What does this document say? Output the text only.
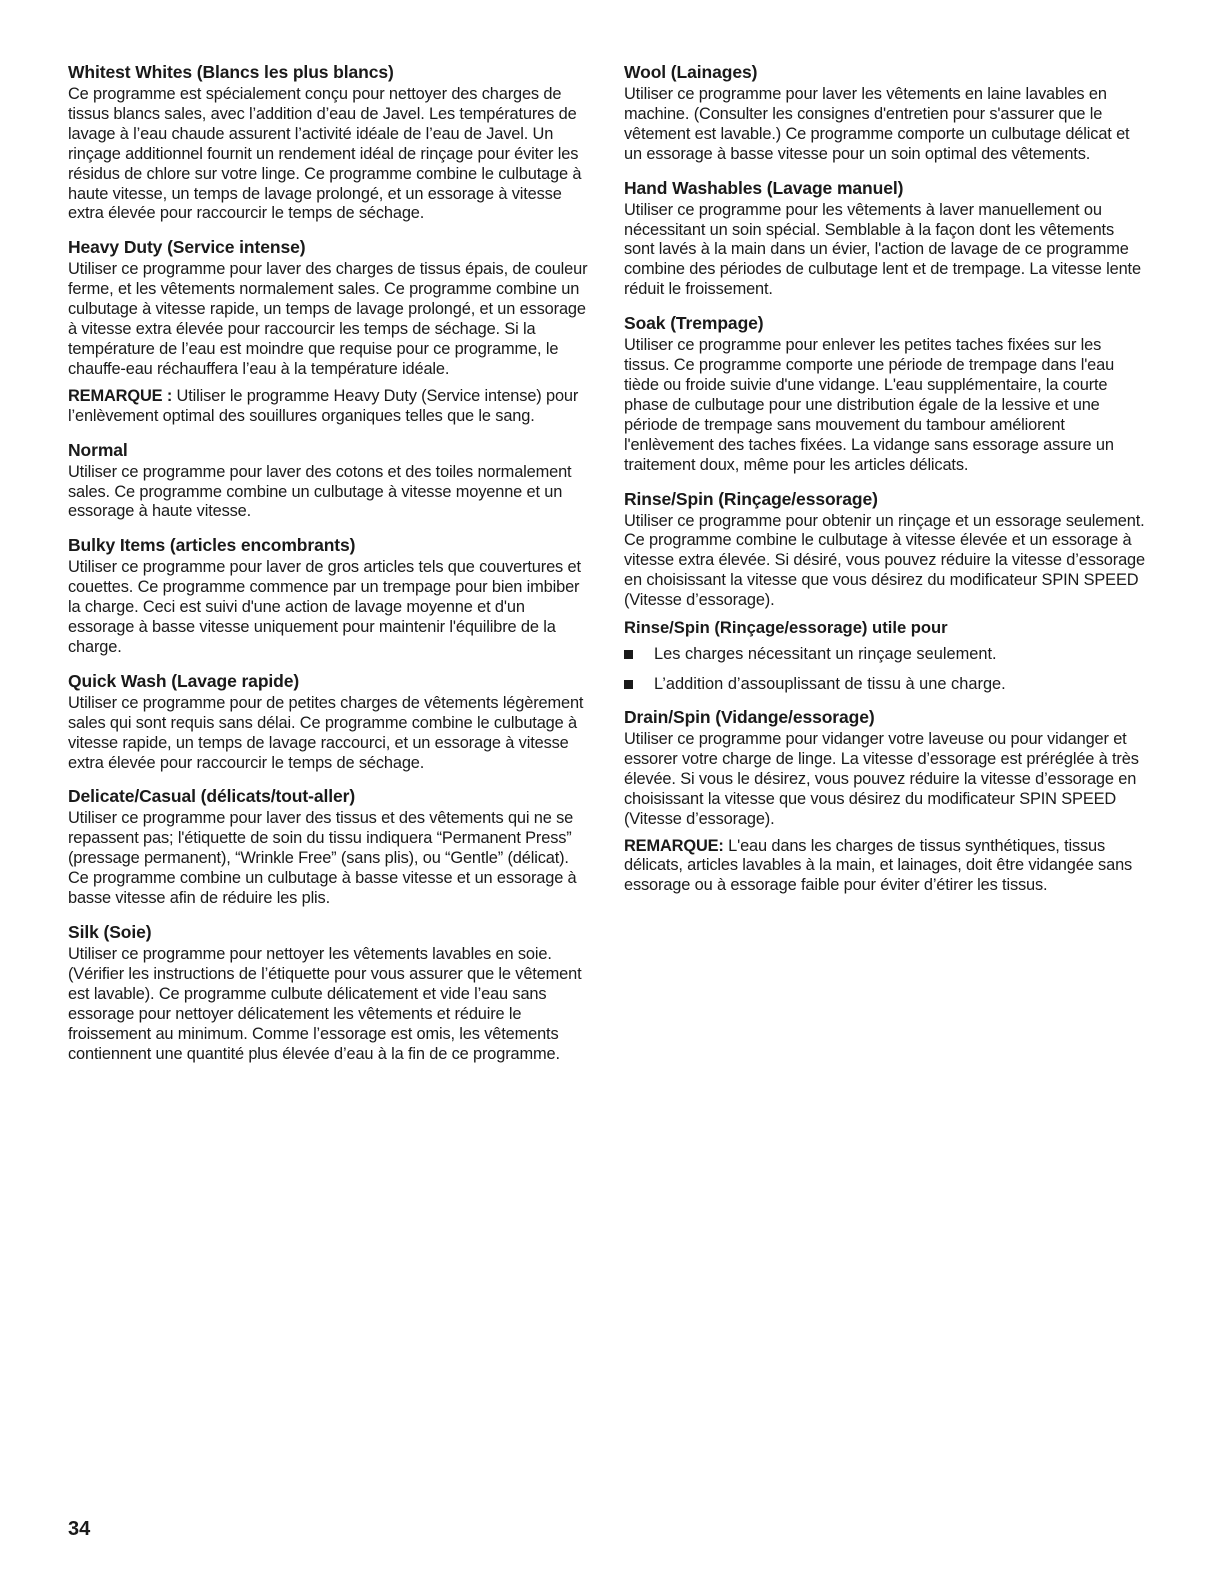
Whitest Whites (Blancs les plus blancs)

Ce programme est spécialement conçu pour nettoyer des charges de tissus blancs sales, avec l’addition d’eau de Javel. Les températures de lavage à l’eau chaude assurent l’activité idéale de l’eau de Javel. Un rinçage additionnel fournit un rendement idéal de rinçage pour éviter les résidus de chlore sur votre linge. Ce programme combine le culbutage à haute vitesse, un temps de lavage prolongé, et un essorage à vitesse extra élevée pour raccourcir le temps de séchage.

Heavy Duty (Service intense)

Utiliser ce programme pour laver des charges de tissus épais, de couleur ferme, et les vêtements normalement sales. Ce programme combine un culbutage à vitesse rapide, un temps de lavage prolongé, et un essorage à vitesse extra élevée pour raccourcir les temps de séchage. Si la température de l’eau est moindre que requise pour ce programme, le chauffe-eau réchauffera l’eau à la température idéale.

REMARQUE : Utiliser le programme Heavy Duty (Service intense) pour l’enlèvement optimal des souillures organiques telles que le sang.

Normal

Utiliser ce programme pour laver des cotons et des toiles normalement sales. Ce programme combine un culbutage à vitesse moyenne et un essorage à haute vitesse.

Bulky Items (articles encombrants)

Utiliser ce programme pour laver de gros articles tels que couvertures et couettes. Ce programme commence par un trempage pour bien imbiber la charge. Ceci est suivi d'une action de lavage moyenne et d'un essorage à basse vitesse uniquement pour maintenir l'équilibre de la charge.

Quick Wash (Lavage rapide)

Utiliser ce programme pour de petites charges de vêtements légèrement sales qui sont requis sans délai. Ce programme combine le culbutage à vitesse rapide, un temps de lavage raccourci, et un essorage à vitesse extra élevée pour raccourcir le temps de séchage.

Delicate/Casual (délicats/tout-aller)

Utiliser ce programme pour laver des tissus et des vêtements qui ne se repassent pas; l'étiquette de soin du tissu indiquera “Permanent Press” (pressage permanent), “Wrinkle Free” (sans plis), ou “Gentle” (délicat). Ce programme combine un culbutage à basse vitesse et un essorage à basse vitesse afin de réduire les plis.

Silk (Soie)

Utiliser ce programme pour nettoyer les vêtements lavables en soie. (Vérifier les instructions de l’étiquette pour vous assurer que le vêtement est lavable). Ce programme culbute délicatement et vide l’eau sans essorage pour nettoyer délicatement les vêtements et réduire le froissement au minimum. Comme l’essorage est omis, les vêtements contiennent une quantité plus élevée d’eau à la fin de ce programme.

Wool (Lainages)

Utiliser ce programme pour laver les vêtements en laine lavables en machine. (Consulter les consignes d'entretien pour s'assurer que le vêtement est lavable.) Ce programme comporte un culbutage délicat et un essorage à basse vitesse pour un soin optimal des vêtements.

Hand Washables (Lavage manuel)

Utiliser ce programme pour les vêtements à laver manuellement ou nécessitant un soin spécial. Semblable à la façon dont les vêtements sont lavés à la main dans un évier, l'action de lavage de ce programme combine des périodes de culbutage lent et de trempage. La vitesse lente réduit le froissement.

Soak (Trempage)

Utiliser ce programme pour enlever les petites taches fixées sur les tissus. Ce programme comporte une période de trempage dans l'eau tiède ou froide suivie d'une vidange. L'eau supplémentaire, la courte phase de culbutage pour une distribution égale de la lessive et une période de trempage sans mouvement du tambour améliorent l'enlèvement des taches fixées. La vidange sans essorage assure un traitement doux, même pour les articles délicats.

Rinse/Spin (Rinçage/essorage)

Utiliser ce programme pour obtenir un rinçage et un essorage seulement. Ce programme combine le culbutage à vitesse élevée et un essorage à vitesse extra élevée. Si désiré, vous pouvez réduire la vitesse d’essorage en choisissant la vitesse que vous désirez du modificateur SPIN SPEED (Vitesse d’essorage).

Rinse/Spin (Rinçage/essorage) utile pour
Les charges nécessitant un rinçage seulement.
L’addition d’assouplissant de tissu à une charge.
Drain/Spin (Vidange/essorage)

Utiliser ce programme pour vidanger votre laveuse ou pour vidanger et essorer votre charge de linge. La vitesse d’essorage est préréglée à très élevée. Si vous le désirez, vous pouvez réduire la vitesse d’essorage en choisissant la vitesse que vous désirez du modificateur SPIN SPEED (Vitesse d’essorage).

REMARQUE: L'eau dans les charges de tissus synthétiques, tissus délicats, articles lavables à la main, et lainages, doit être vidangée sans essorage ou à essorage faible pour éviter d’étirer les tissus.

34
